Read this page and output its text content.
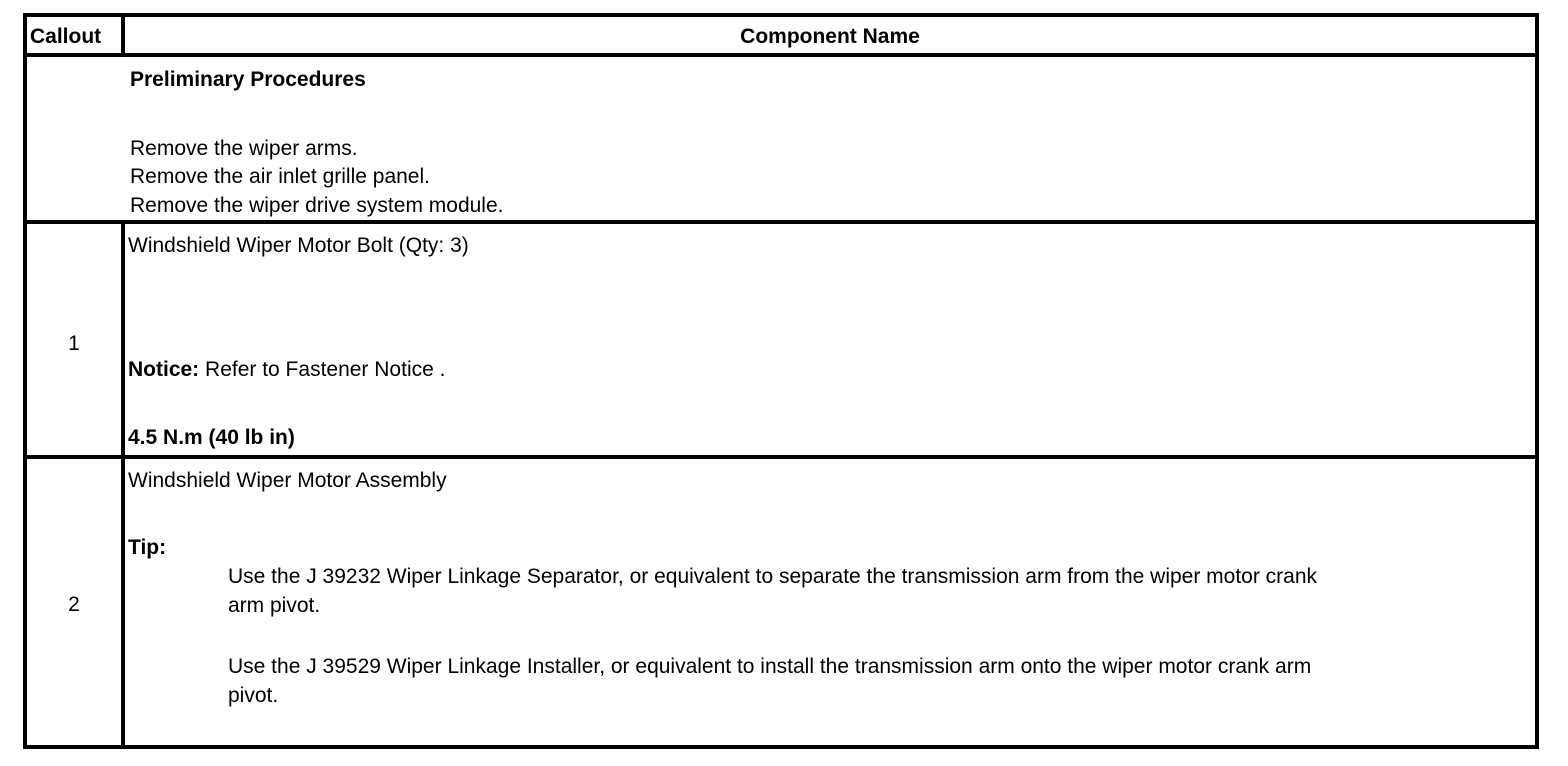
Callout	Component Name
Preliminary Procedures
Remove the wiper arms.
Remove the air inlet grille panel.
Remove the wiper drive system module.
1
Windshield Wiper Motor Bolt (Qty: 3)
Notice: Refer to Fastener Notice .
4.5 N.m (40 lb in)
2
Windshield Wiper Motor Assembly
Tip:
Use the J 39232 Wiper Linkage Separator, or equivalent to separate the transmission arm from the wiper motor crank
arm pivot.
Use the J 39529 Wiper Linkage Installer, or equivalent to install the transmission arm onto the wiper motor crank arm
pivot.
